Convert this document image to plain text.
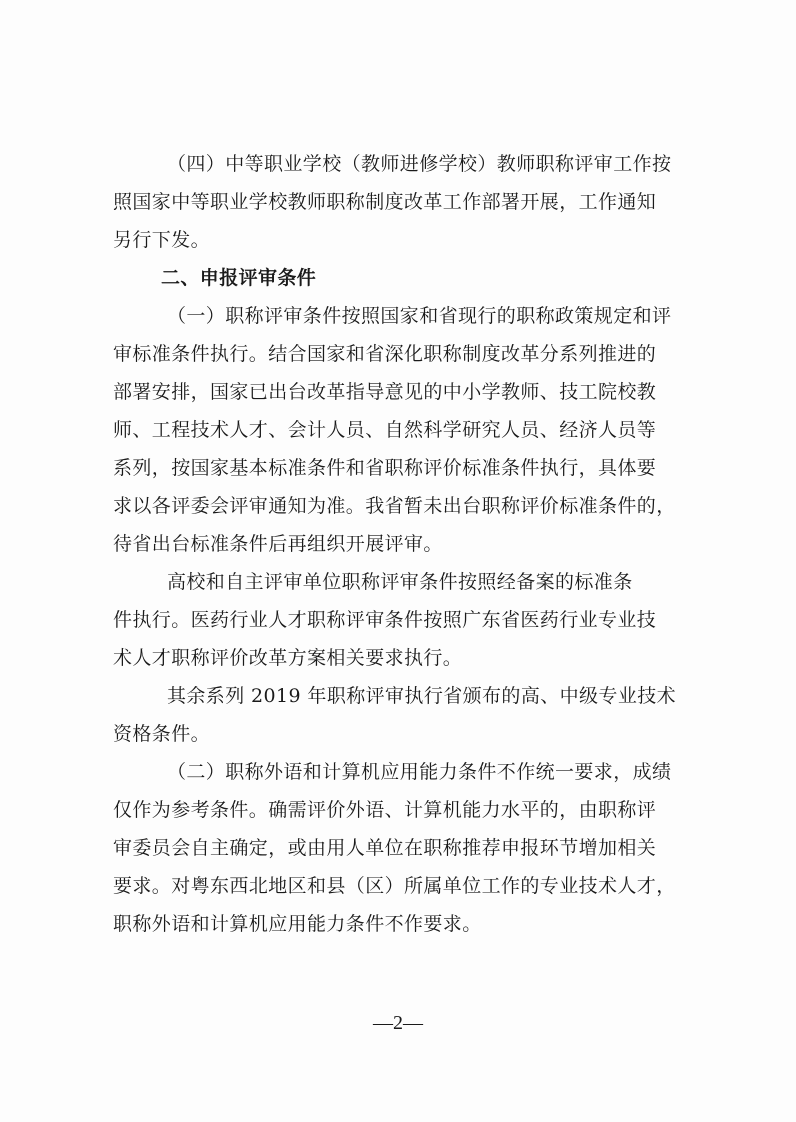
（四）中等职业学校（教师进修学校）教师职称评审工作按
照国家中等职业学校教师职称制度改革工作部署开展，工作通知
另行下发。
二、申报评审条件
（一）职称评审条件按照国家和省现行的职称政策规定和评
审标准条件执行。结合国家和省深化职称制度改革分系列推进的
部署安排，国家已出台改革指导意见的中小学教师、技工院校教
师、工程技术人才、会计人员、自然科学研究人员、经济人员等
系列，按国家基本标准条件和省职称评价标准条件执行，具体要
求以各评委会评审通知为准。我省暂未出台职称评价标准条件的，
待省出台标准条件后再组织开展评审。
高校和自主评审单位职称评审条件按照经备案的标准条
件执行。医药行业人才职称评审条件按照广东省医药行业专业技
术人才职称评价改革方案相关要求执行。
其余系列 2019 年职称评审执行省颁布的高、中级专业技术
资格条件。
（二）职称外语和计算机应用能力条件不作统一要求，成绩
仅作为参考条件。确需评价外语、计算机能力水平的，由职称评
审委员会自主确定，或由用人单位在职称推荐申报环节增加相关
要求。对粤东西北地区和县（区）所属单位工作的专业技术人才，
职称外语和计算机应用能力条件不作要求。
—2—
